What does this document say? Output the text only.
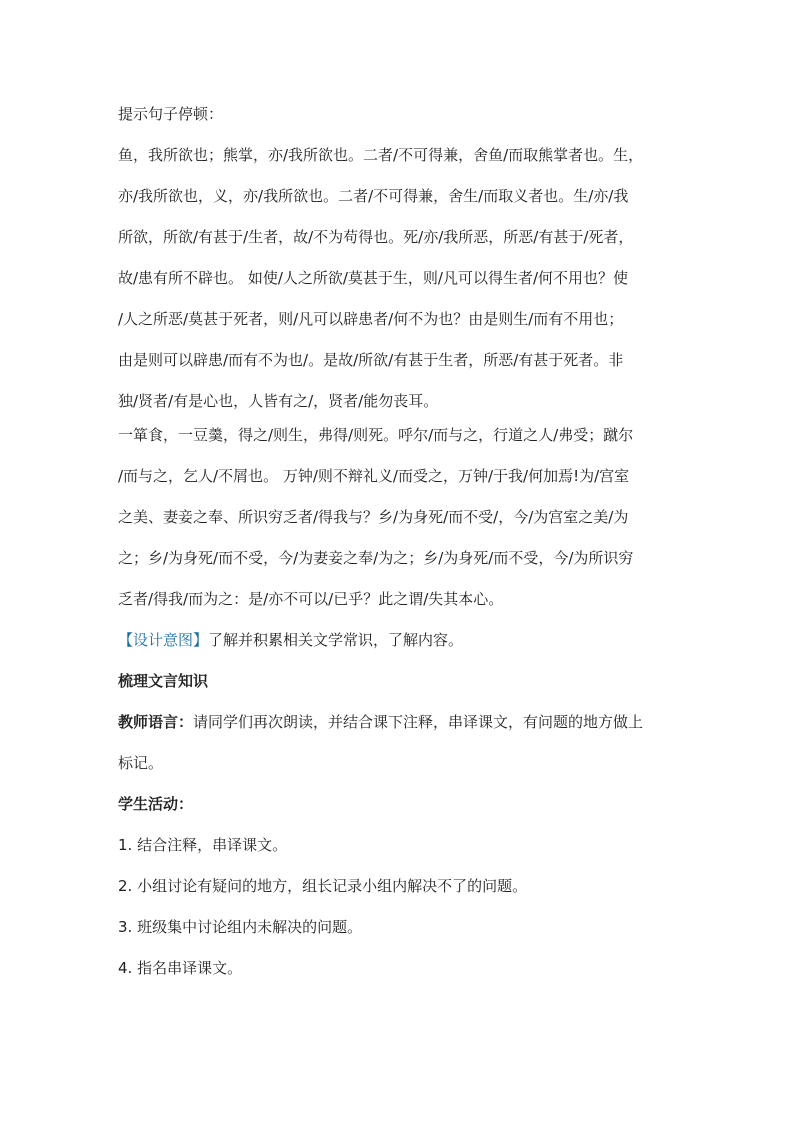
提示句子停顿：

鱼，我所欲也；熊掌，亦/我所欲也。二者/不可得兼，舍鱼/而取熊掌者也。生，

亦/我所欲也，义，亦/我所欲也。二者/不可得兼，舍生/而取义者也。生/亦/我

所欲，所欲/有甚于/生者，故/不为苟得也。死/亦/我所恶，所恶/有甚于/死者，

故/患有所不辟也。 如使/人之所欲/莫甚于生，则/凡可以得生者/何不用也？使

/人之所恶/莫甚于死者，则/凡可以辟患者/何不为也？由是则生/而有不用也；

由是则可以辟患/而有不为也/。是故/所欲/有甚于生者，所恶/有甚于死者。非

独/贤者/有是心也，人皆有之/，贤者/能勿丧耳。

一箪食，一豆羹，得之/则生，弗得/则死。呼尔/而与之，行道之人/弗受；蹴尔

/而与之，乞人/不屑也。 万钟/则不辩礼义/而受之，万钟/于我/何加焉!为/宫室

之美、妻妾之奉、所识穷乏者/得我与？乡/为身死/而不受/，今/为宫室之美/为

之；乡/为身死/而不受，今/为妻妾之奉/为之；乡/为身死/而不受，今/为所识穷

乏者/得我/而为之：是/亦不可以/已乎？此之谓/失其本心。

【设计意图】了解并积累相关文学常识，了解内容。

梳理文言知识

教师语言：请同学们再次朗读，并结合课下注释，串译课文，有问题的地方做上

标记。

学生活动：

1. 结合注释，串译课文。

2. 小组讨论有疑问的地方，组长记录小组内解决不了的问题。

3. 班级集中讨论组内未解决的问题。

4. 指名串译课文。
